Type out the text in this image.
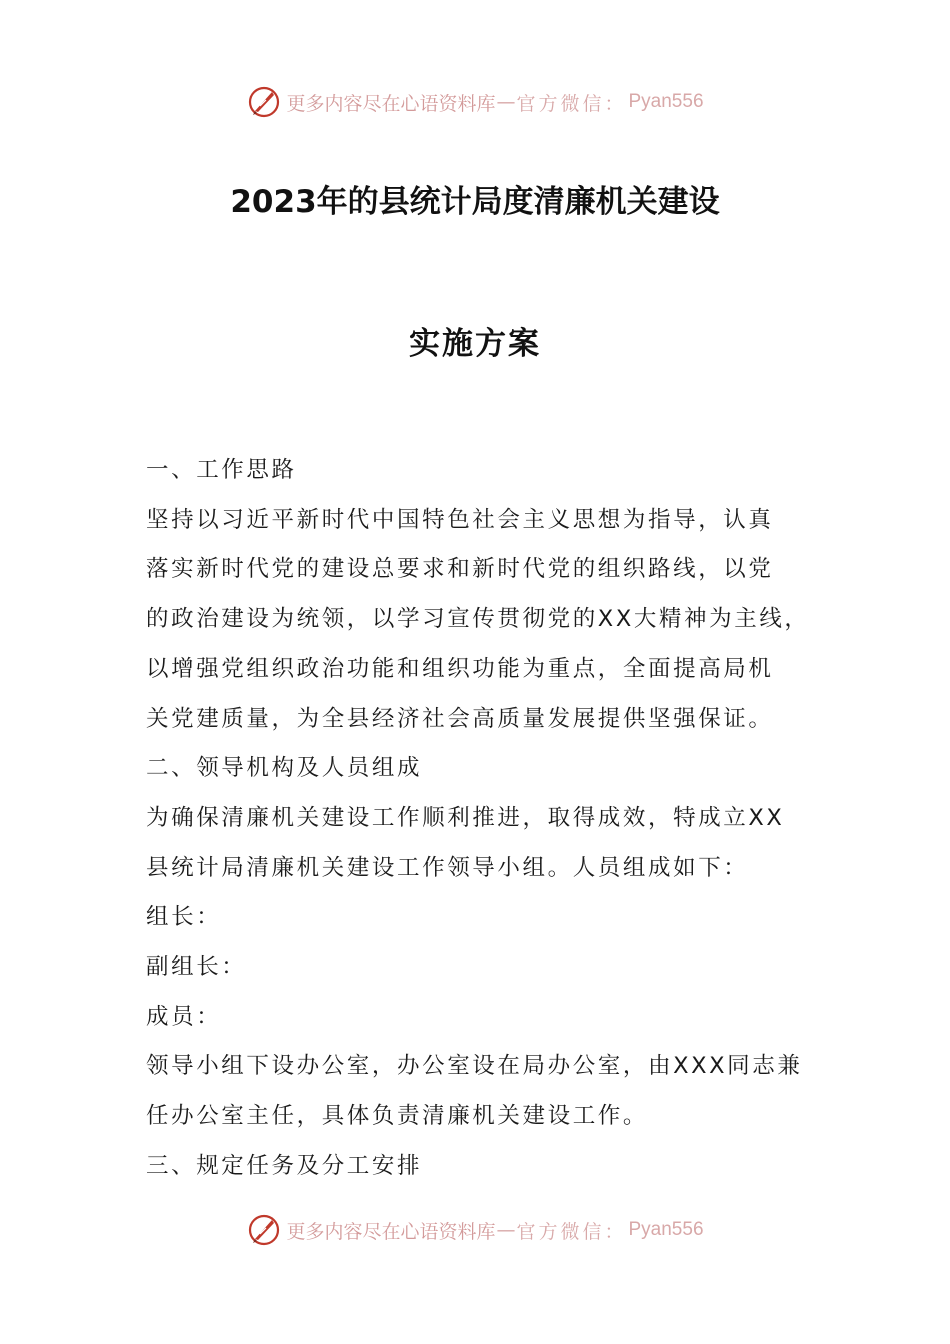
更多内容尽在心语资料库 — 官方微信： Pyan556
2023年的县统计局度清廉机关建设
实施方案

一、工作思路

坚持以习近平新时代中国特色社会主义思想为指导，认真

落实新时代党的建设总要求和新时代党的组织路线，以党

的政治建设为统领，以学习宣传贯彻党的XX大精神为主线，

以增强党组织政治功能和组织功能为重点，全面提高局机

关党建质量，为全县经济社会高质量发展提供坚强保证。

二、领导机构及人员组成

为确保清廉机关建设工作顺利推进，取得成效，特成立XX

县统计局清廉机关建设工作领导小组。人员组成如下：

组长：

副组长：

成员：

领导小组下设办公室，办公室设在局办公室，由XXX同志兼

任办公室主任，具体负责清廉机关建设工作。

三、规定任务及分工安排

更多内容尽在心语资料库 — 官方微信： Pyan556
